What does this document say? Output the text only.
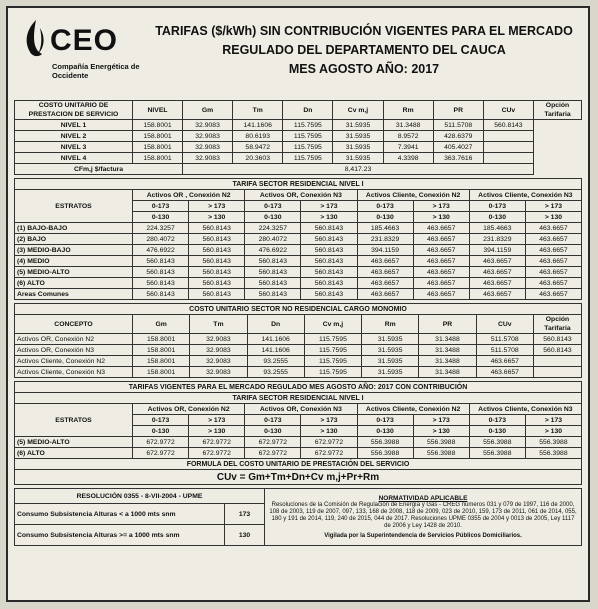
CEO
Compañía Energética de Occidente
TARIFAS ($/kWh) SIN CONTRIBUCIÓN VIGENTES PARA EL MERCADO
REGULADO DEL DEPARTAMENTO DEL CAUCA
MES AGOSTO AÑO: 2017
COSTO UNITARIO DE PRESTACION DE SERVICIO	NIVEL	Gm	Tm	Dn	Cv m,j	Rm	PR	CUv	Opción Tarifaria
NIVEL 1	158.8001	32.9083	141.1606	115.7595	31.5935	31.3488	511.5708	560.8143	
NIVEL 2	158.8001	32.9083	80.6193	115.7595	31.5935	8.9572	428.6379		
NIVEL 3	158.8001	32.9083	58.9472	115.7595	31.5935	7.3941	405.4027		
NIVEL 4	158.8001	32.9083	20.3603	115.7595	31.5935	4.3398	363.7616		
CFm,j $/factura		8,417.23							
TARIFA SECTOR RESIDENCIAL NIVEL I								
ESTRATOS	Activos OR , Conexión N2		Activos OR, Conexión N3		Activos Cliente, Conexión N2		Activos Cliente, Conexión N3	
	0-173	> 173	0-173	> 173	0-173	> 173	0-173	> 173
	0-130	> 130	0-130	> 130	0-130	> 130	0-130	> 130
(1) BAJO-BAJO	224.3257	560.8143	224.3257	560.8143	185.4663	463.6657	185.4663	463.6657
(2) BAJO	280.4072	560.8143	280.4072	560.8143	231.8329	463.6657	231.8329	463.6657
(3) MEDIO-BAJO	476.6922	560.8143	476.6922	560.8143	394.1159	463.6657	394.1159	463.6657
(4) MEDIO	560.8143	560.8143	560.8143	560.8143	463.6657	463.6657	463.6657	463.6657
(5) MEDIO-ALTO	560.8143	560.8143	560.8143	560.8143	463.6657	463.6657	463.6657	463.6657
(6) ALTO	560.8143	560.8143	560.8143	560.8143	463.6657	463.6657	463.6657	463.6657
Areas Comunes	560.8143	560.8143	560.8143	560.8143	463.6657	463.6657	463.6657	463.6657
COSTO UNITARIO SECTOR NO RESIDENCIAL CARGO MONOMIO								
CONCEPTO	Gm	Tm	Dn	Cv m,j	Rm	PR	CUv	Opción Tarifaria
Activos OR, Conexión N2	158.8001	32.9083	141.1606	115.7595	31.5935	31.3488	511.5708	560.8143
Activos OR, Conexión N3	158.8001	32.9083	141.1606	115.7595	31.5935	31.3488	511.5708	560.8143
Activos Cliente, Conexión N2	158.8001	32.9083	93.2555	115.7595	31.5935	31.3488	463.6657	
Activos Cliente, Conexión N3	158.8001	32.9083	93.2555	115.7595	31.5935	31.3488	463.6657	
TARIFAS VIGENTES PARA EL MERCADO REGULADO MES AGOSTO AÑO: 2017 CON CONTRIBUCIÓN								
TARIFA SECTOR RESIDENCIAL NIVEL I								
ESTRATOS	Activos OR, Conexión N2		Activos OR, Conexión N3		Activos Cliente, Conexión N2		Activos Cliente, Conexión N3	
	0-173	> 173	0-173	> 173	0-173	> 173	0-173	> 173
	0-130	> 130	0-130	> 130	0-130	> 130	0-130	> 130
(5) MEDIO-ALTO	672.9772	672.9772	672.9772	672.9772	556.3988	556.3988	556.3988	556.3988
(6) ALTO	672.9772	672.9772	672.9772	672.9772	556.3988	556.3988	556.3988	556.3988
FORMULA DEL COSTO UNITARIO DE PRESTACIÓN DEL SERVICIO								
CUv = Gm+Tm+Dn+Cv m,j+Pr+Rm								
RESOLUCIÓN 0355 - 8-VII-2004 - UPME		NORMATIVIDAD APLICABLE
Resoluciones de la Comisión de Regulación de Energía y Gas - CREG números 031 y 079 de 1997, 116 de 2000, 108 de 2003, 119 de 2007, 097, 133, 168 de 2008, 118 de 2009, 023 de 2010, 159, 173 de 2011, 061 de 2014, 055, 180 y 191 de 2014, 119, 240 de 2015, 044 de 2017. Resoluciones UPME 0355 de 2004 y 0013 de 2005, Ley 1117 de 2006 y Ley 1428 de 2010.
Vigilada por la Superintendencia de Servicios Públicos Domiciliarios.

Consumo Subsistencia Alturas < a 1000 mts snm	173	
Consumo Subsistencia Alturas >= a 1000 mts snm	130	
